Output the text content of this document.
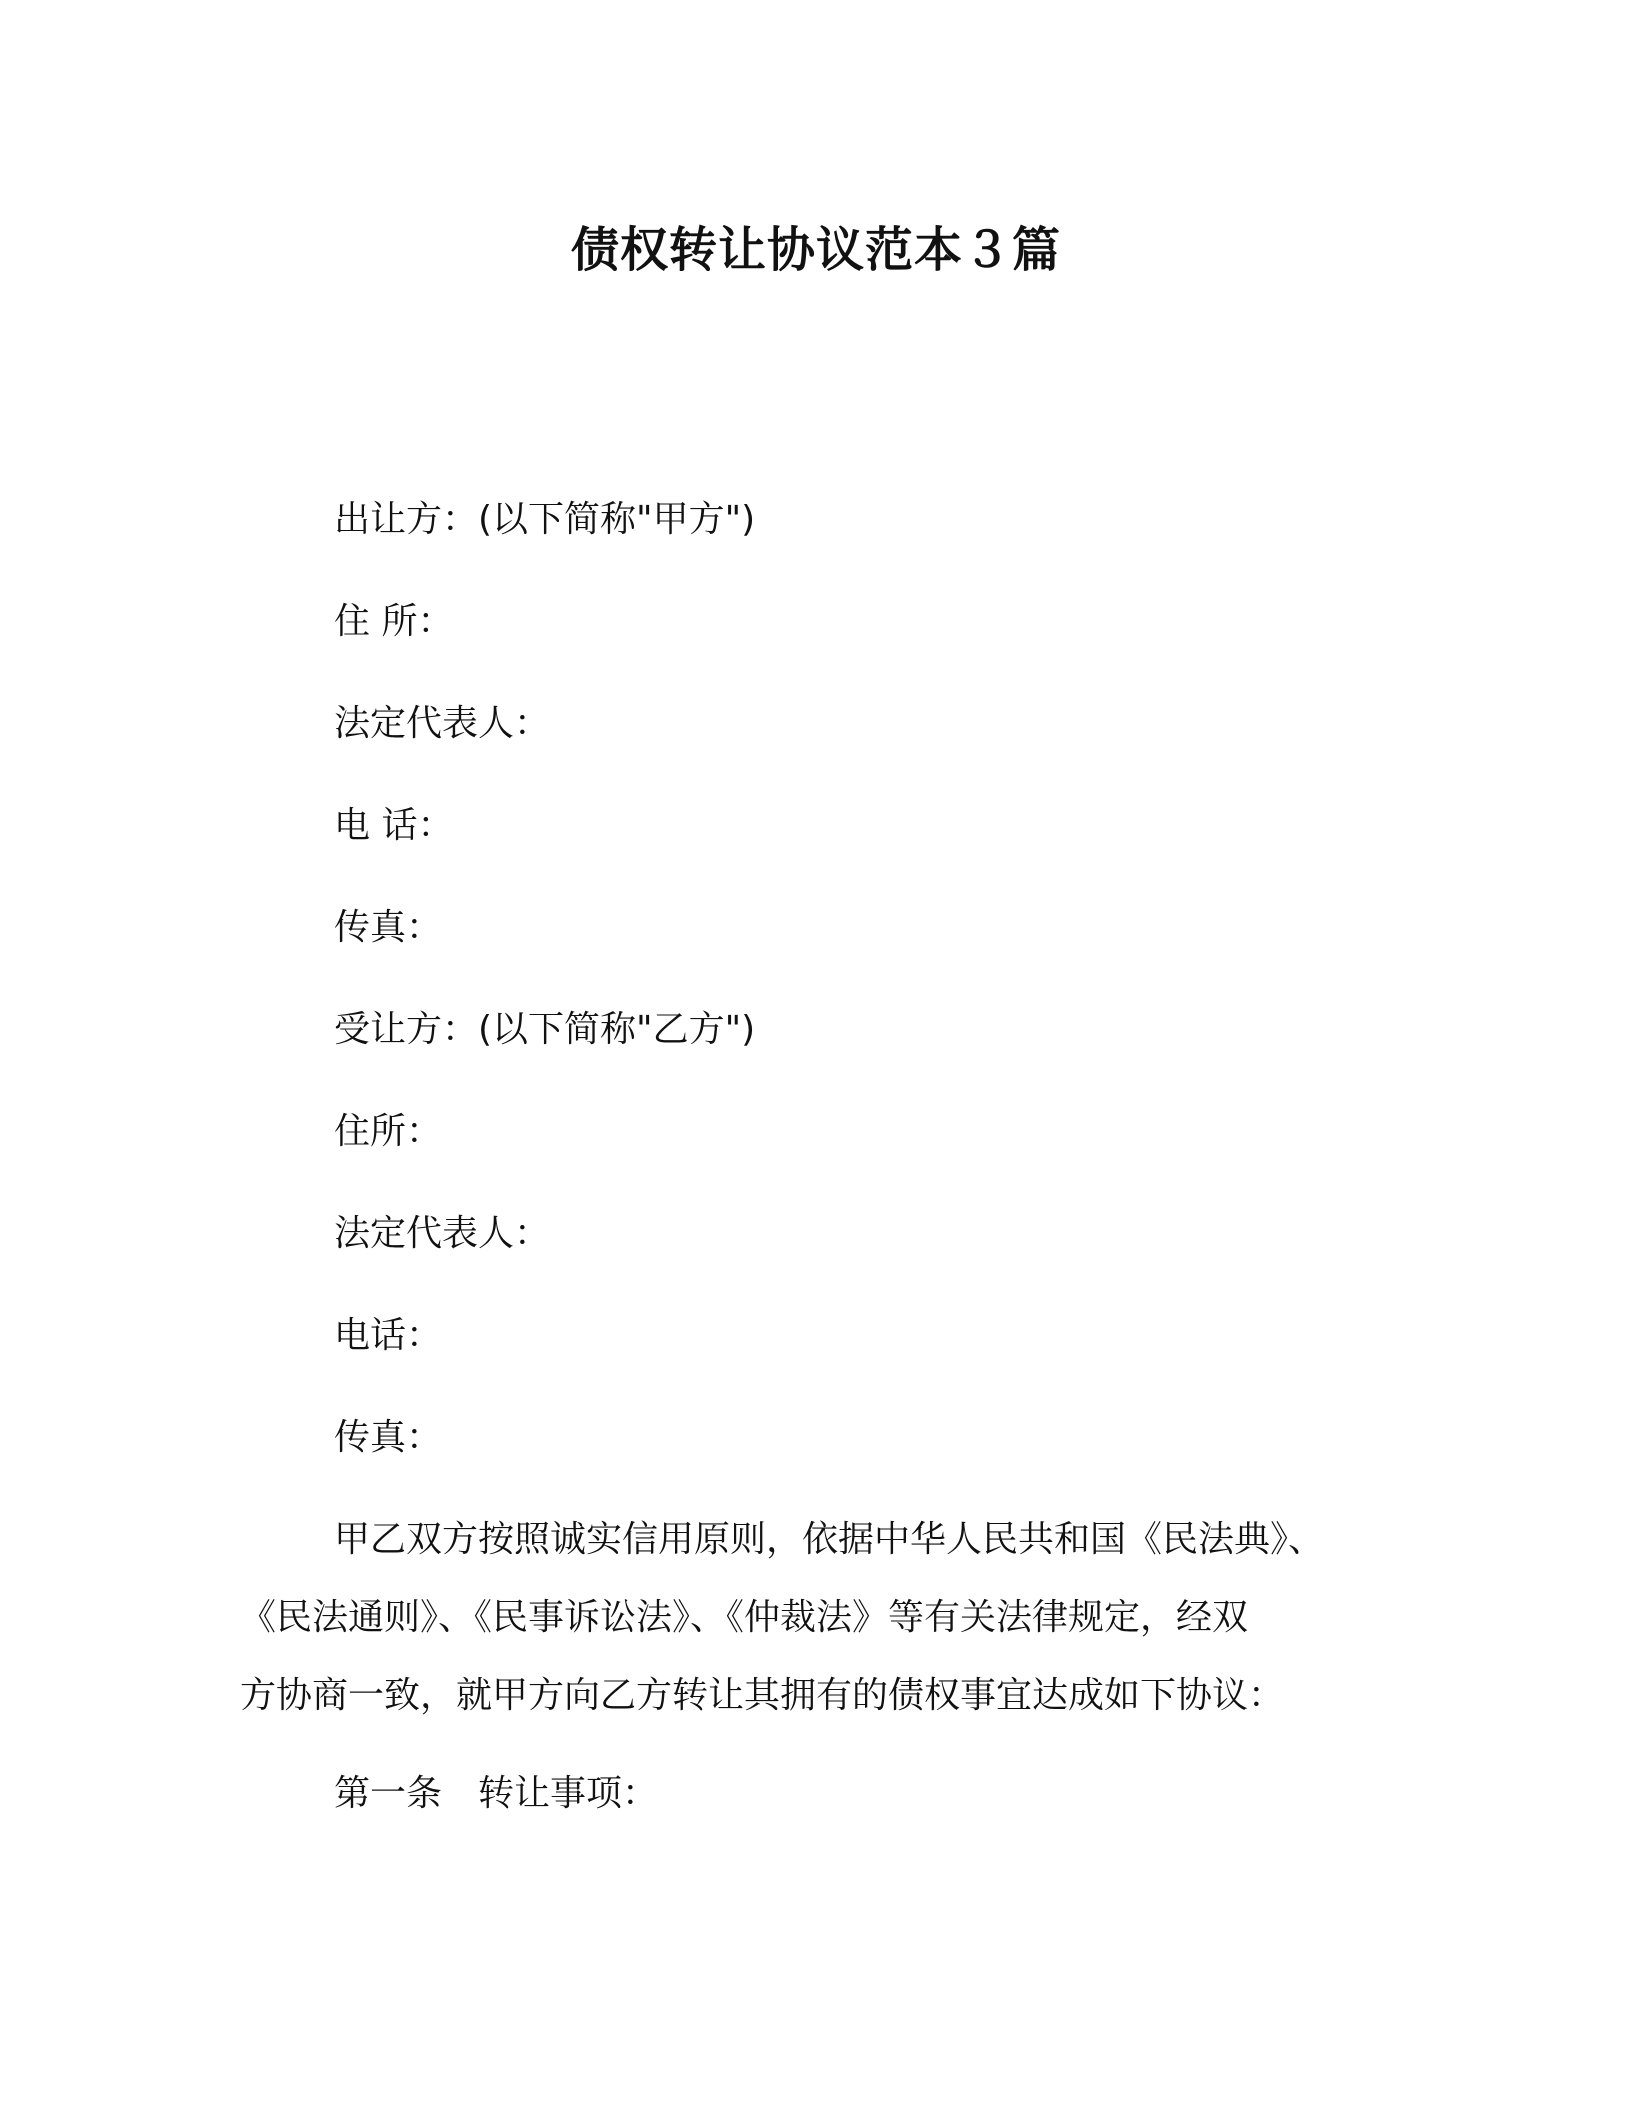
债权转让协议范本３篇
出让方：(以下简称"甲方")
住 所：
法定代表人：
电 话：
传真：
受让方：(以下简称"乙方")
住所：
法定代表人：
电话：
传真：
甲乙双方按照诚实信用原则，依据中华人民共和国《民法典》、
《民法通则》、《民事诉讼法》、《仲裁法》等有关法律规定，经双
方协商一致，就甲方向乙方转让其拥有的债权事宜达成如下协议：
第一条　转让事项：
